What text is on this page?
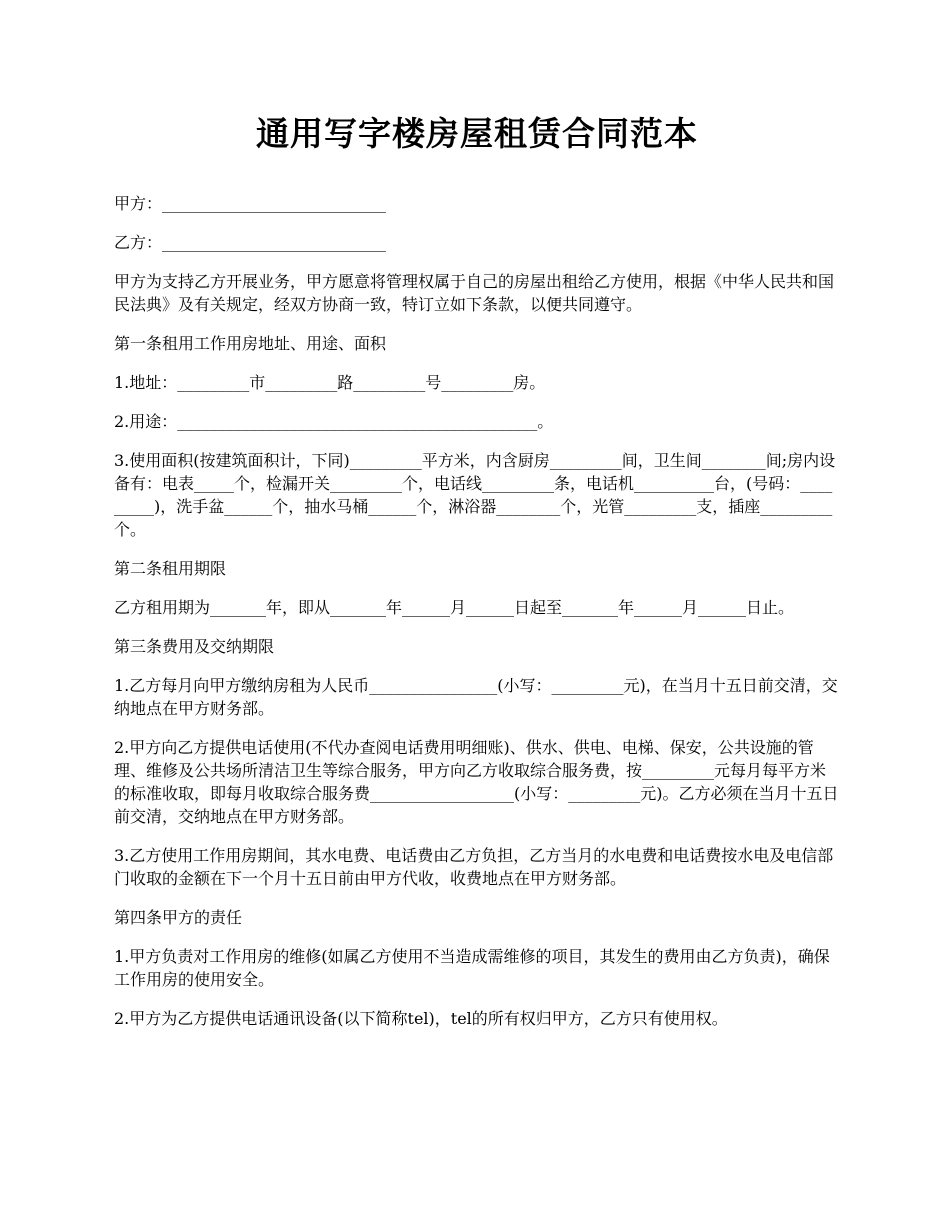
通用写字楼房屋租赁合同范本

甲方：____________________________

乙方：____________________________

甲方为支持乙方开展业务，甲方愿意将管理权属于自己的房屋出租给乙方使用，根据《中华人民共和国民法典》及有关规定，经双方协商一致，特订立如下条款，以便共同遵守。

第一条租用工作用房地址、用途、面积

1.地址：_________市_________路_________号_________房。

2.用途：_____________________________________________。

3.使用面积(按建筑面积计，下同)_________平方米，内含厨房_________间，卫生间________间;房内设备有：电表_____个，检漏开关_________个，电话线_________条，电话机__________台，(号码：_________)，洗手盆______个，抽水马桶______个，淋浴器________个，光管_________支，插座_________个。

第二条租用期限

乙方租用期为_______年，即从_______年______月______日起至_______年______月______日止。

第三条费用及交纳期限

1.乙方每月向甲方缴纳房租为人民币________________(小写：_________元)，在当月十五日前交清，交纳地点在甲方财务部。

2.甲方向乙方提供电话使用(不代办查阅电话费用明细账)、供水、供电、电梯、保安，公共设施的管理、维修及公共场所清洁卫生等综合服务，甲方向乙方收取综合服务费，按_________元每月每平方米的标准收取，即每月收取综合服务费__________________(小写：_________元)。乙方必须在当月十五日前交清，交纳地点在甲方财务部。

3.乙方使用工作用房期间，其水电费、电话费由乙方负担，乙方当月的水电费和电话费按水电及电信部门收取的金额在下一个月十五日前由甲方代收，收费地点在甲方财务部。

第四条甲方的责任

1.甲方负责对工作用房的维修(如属乙方使用不当造成需维修的项目，其发生的费用由乙方负责)，确保工作用房的使用安全。

2.甲方为乙方提供电话通讯设备(以下简称tel)，tel的所有权归甲方，乙方只有使用权。
